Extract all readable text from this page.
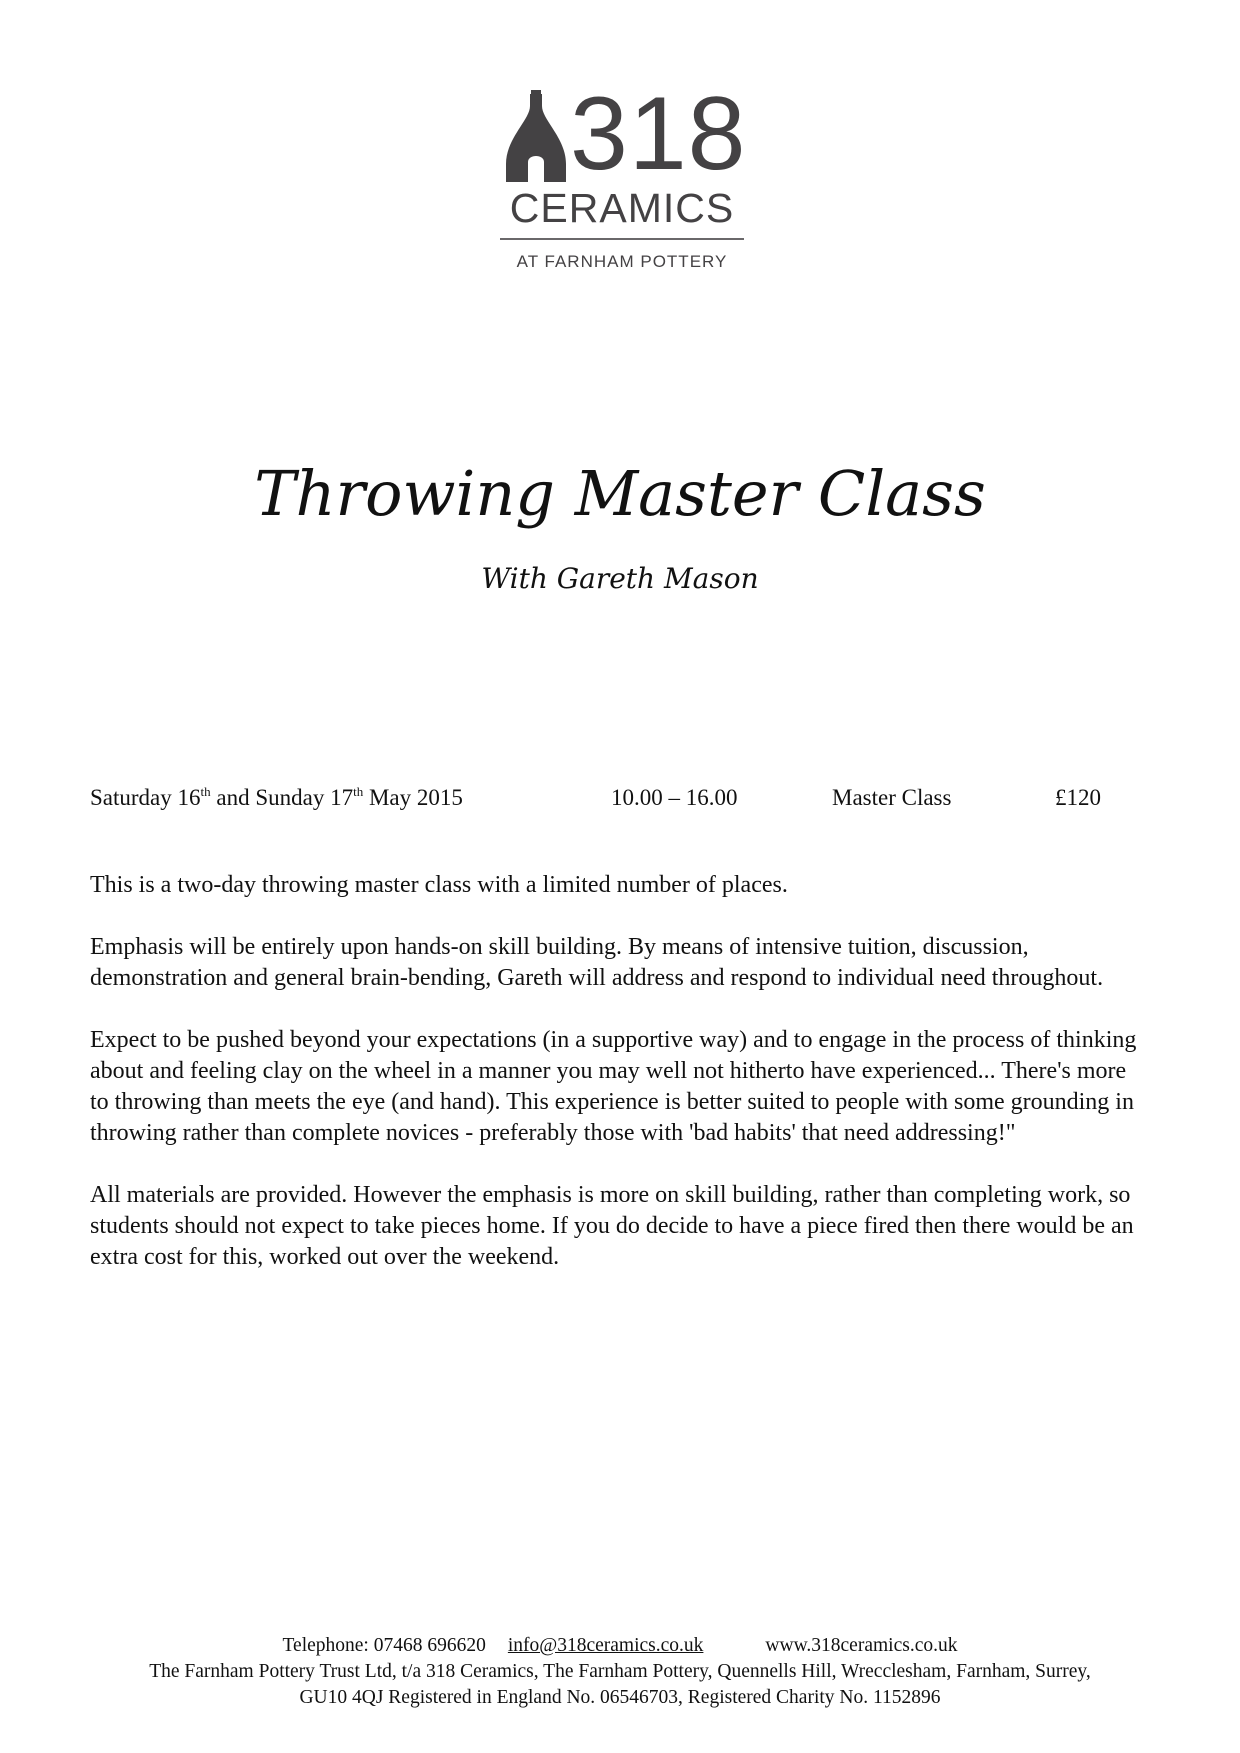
318
CERAMICS
AT FARNHAM POTTERY
Throwing Master Class
With Gareth Mason
Saturday 16th and Sunday 17th May 2015	10.00 – 16.00	Master Class	£120

This is a two-day throwing master class with a limited number of places.

Emphasis will be entirely upon hands-on skill building. By means of intensive tuition, discussion, demonstration and general brain-bending, Gareth will address and respond to individual need throughout.

Expect to be pushed beyond your expectations (in a supportive way) and to engage in the process of thinking about and feeling clay on the wheel in a manner you may well not hitherto have experienced... There's more to throwing than meets the eye (and hand). This experience is better suited to people with some grounding in throwing rather than complete novices - preferably those with 'bad habits' that need addressing!"

All materials are provided. However the emphasis is more on skill building, rather than completing work, so students should not expect to take pieces home. If you do decide to have a piece fired then there would be an extra cost for this, worked out over the weekend.

Telephone: 07468 696620 info@318ceramics.co.uk	www.318ceramics.co.uk
The Farnham Pottery Trust Ltd, t/a 318 Ceramics, The Farnham Pottery, Quennells Hill, Wrecclesham, Farnham, Surrey,
GU10 4QJ Registered in England No. 06546703, Registered Charity No. 1152896
